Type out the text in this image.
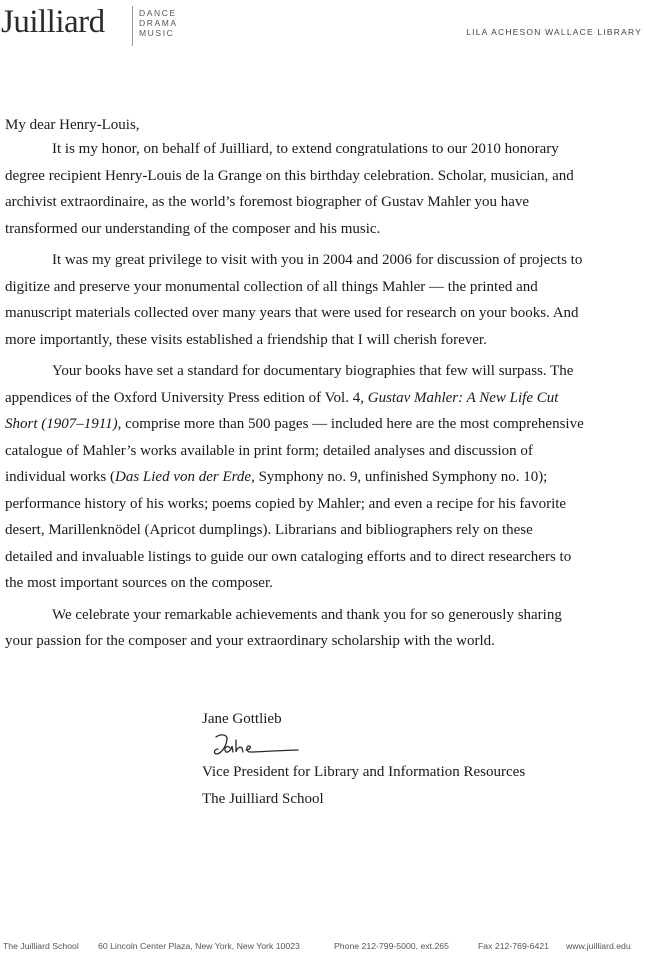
Juilliard	DANCE
DRAMA
MUSIC	LILA ACHESON WALLACE LIBRARY
My dear Henry-Louis,

It is my honor, on behalf of Juilliard, to extend congratulations to our 2010 honorary
degree recipient Henry-Louis de la Grange on this birthday celebration. Scholar, musician, and
archivist extraordinaire, as the world’s foremost biographer of Gustav Mahler you have
transformed our understanding of the composer and his music.

It was my great privilege to visit with you in 2004 and 2006 for discussion of projects to
digitize and preserve your monumental collection of all things Mahler — the printed and
manuscript materials collected over many years that were used for research on your books. And
more importantly, these visits established a friendship that I will cherish forever.

Your books have set a standard for documentary biographies that few will surpass. The
appendices of the Oxford University Press edition of Vol. 4, Gustav Mahler: A New Life Cut
Short (1907–1911), comprise more than 500 pages — included here are the most comprehensive
catalogue of Mahler’s works available in print form; detailed analyses and discussion of
individual works (Das Lied von der Erde, Symphony no. 9, unfinished Symphony no. 10);
performance history of his works; poems copied by Mahler; and even a recipe for his favorite
desert, Marillenknödel (Apricot dumplings). Librarians and bibliographers rely on these
detailed and invaluable listings to guide our own cataloging efforts and to direct researchers to
the most important sources on the composer.

We celebrate your remarkable achievements and thank you for so generously sharing
your passion for the composer and your extraordinary scholarship with the world.

Jane Gottlieb
Vice President for Library and Information Resources
The Juilliard School
The Juilliard School 60 Lincoln Center Plaza, New York, New York 10023	Phone 212-799-5000, ext.265	Fax 212-769-6421 www.juilliard.edu
